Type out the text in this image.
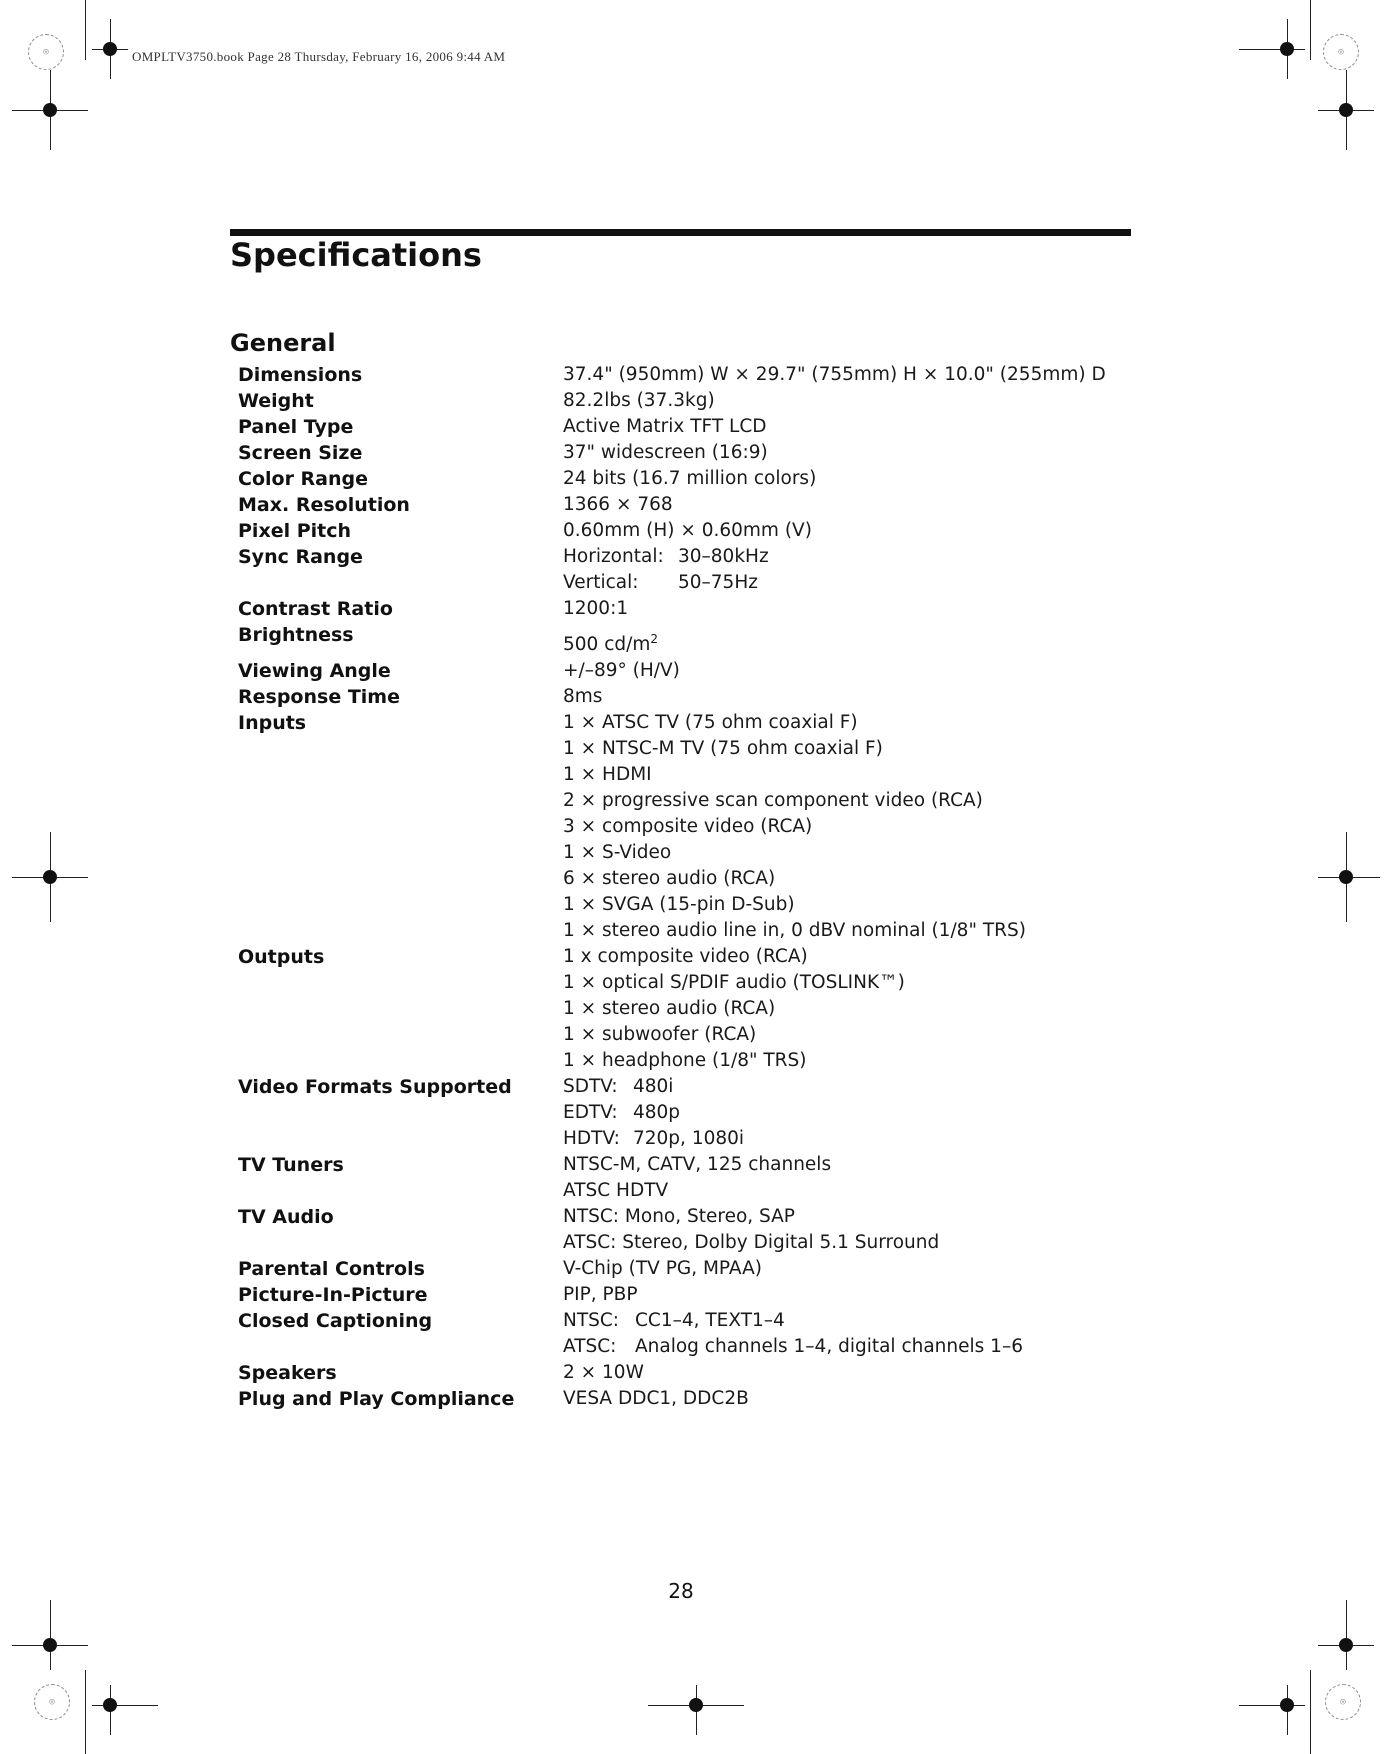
OMPLTV3750.book Page 28 Thursday, February 16, 2006 9:44 AM
◎	◎
◎	◎
Specifications
General
Dimensions	37.4" (950mm) W × 29.7" (755mm) H × 10.0" (255mm) D
Weight	82.2lbs (37.3kg)
Panel Type	Active Matrix TFT LCD
Screen Size	37" widescreen (16:9)
Color Range	24 bits (16.7 million colors)
Max. Resolution	1366 × 768
Pixel Pitch	0.60mm (H) × 0.60mm (V)
Sync Range	Horizontal: 30–80kHz
Vertical: 50–75Hz
Contrast Ratio	1200:1
Brightness	500 $cd/m^2$
Viewing Angle	+/–89° (H/V)
Response Time	8ms
Inputs	1 × ATSC TV (75 ohm coaxial F)
1 × NTSC-M TV (75 ohm coaxial F)
1 × HDMI
2 × progressive scan component video (RCA)
3 × composite video (RCA)
1 × S-Video
6 × stereo audio (RCA)
1 × SVGA (15-pin D-Sub)
1 × stereo audio line in, 0 dBV nominal (1/8" TRS)
Outputs	1 x composite video (RCA)
1 × optical S/PDIF audio (TOSLINK™)
1 × stereo audio (RCA)
1 × subwoofer (RCA)
1 × headphone (1/8" TRS)
Video Formats Supported	SDTV: 480i
EDTV: 480p
HDTV: 720p, 1080i
TV Tuners	NTSC-M, CATV, 125 channels
ATSC HDTV
TV Audio	NTSC: Mono, Stereo, SAP
ATSC: Stereo, Dolby Digital 5.1 Surround
Parental Controls	V-Chip (TV PG, MPAA)
Picture-In-Picture	PIP, PBP
Closed Captioning	NTSC: CC1–4, TEXT1–4
ATSC: Analog channels 1–4, digital channels 1–6
Speakers	2 × 10W
Plug and Play Compliance	VESA DDC1, DDC2B
28
